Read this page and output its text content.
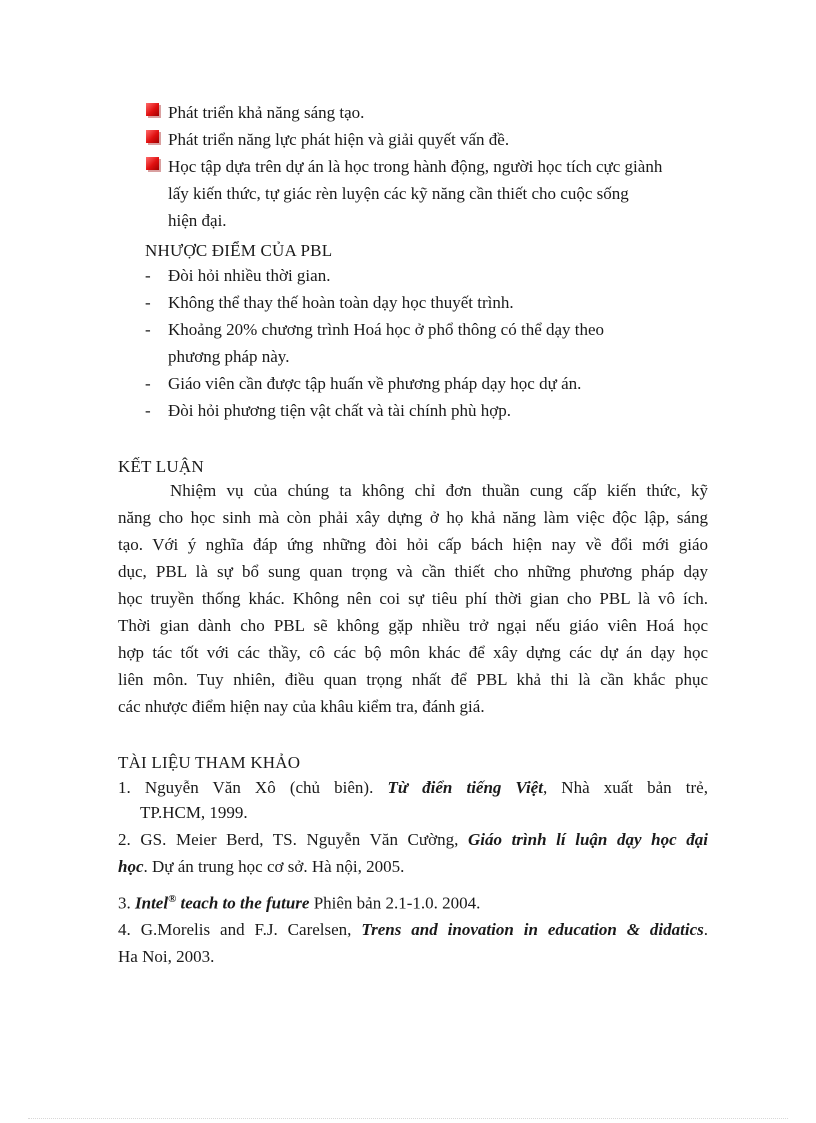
Phát triển khả năng sáng tạo.
Phát triển năng lực phát hiện và giải quyết vấn đề.
Học tập dựa trên dự án là học trong hành động, người học tích cực giành
lấy kiến thức, tự giác rèn luyện các kỹ năng cần thiết cho cuộc sống
hiện đại.
NHƯỢC ĐIỂM CỦA PBL
- Đòi hỏi nhiều thời gian.
- Không thể thay thế hoàn toàn dạy học thuyết trình.
- Khoảng 20% chương trình Hoá học ở phổ thông có thể dạy theo
phương pháp này.
- Giáo viên cần được tập huấn về phương pháp dạy học dự án.
- Đòi hỏi phương tiện vật chất và tài chính phù hợp.
KẾT LUẬN
Nhiệm vụ của chúng ta không chỉ đơn thuần cung cấp kiến thức, kỹ
năng cho học sinh mà còn phải xây dựng ở họ khả năng làm việc độc lập, sáng
tạo. Với ý nghĩa đáp ứng những đòi hỏi cấp bách hiện nay về đổi mới giáo
dục, PBL là sự bổ sung quan trọng và cần thiết cho những phương pháp dạy
học truyền thống khác. Không nên coi sự tiêu phí thời gian cho PBL là vô ích.
Thời gian dành cho PBL sẽ không gặp nhiều trở ngại nếu giáo viên Hoá học
hợp tác tốt với các thầy, cô các bộ môn khác để xây dựng các dự án dạy học
liên môn. Tuy nhiên, điều quan trọng nhất để PBL khả thi là cần khắc phục
các nhược điểm hiện nay của khâu kiểm tra, đánh giá.
TÀI LIỆU THAM KHẢO
1. Nguyễn Văn Xô (chủ biên). Từ điển tiếng Việt, Nhà xuất bản trẻ,
TP.HCM, 1999.
2. GS. Meier Berd, TS. Nguyễn Văn Cường, Giáo trình lí luận dạy học đại
học. Dự án trung học cơ sở. Hà nội, 2005.
3. Intel® teach to the future Phiên bản 2.1-1.0. 2004.
4. G.Morelis and F.J. Carelsen, Trens and inovation in education & didatics.
Ha Noi, 2003.
